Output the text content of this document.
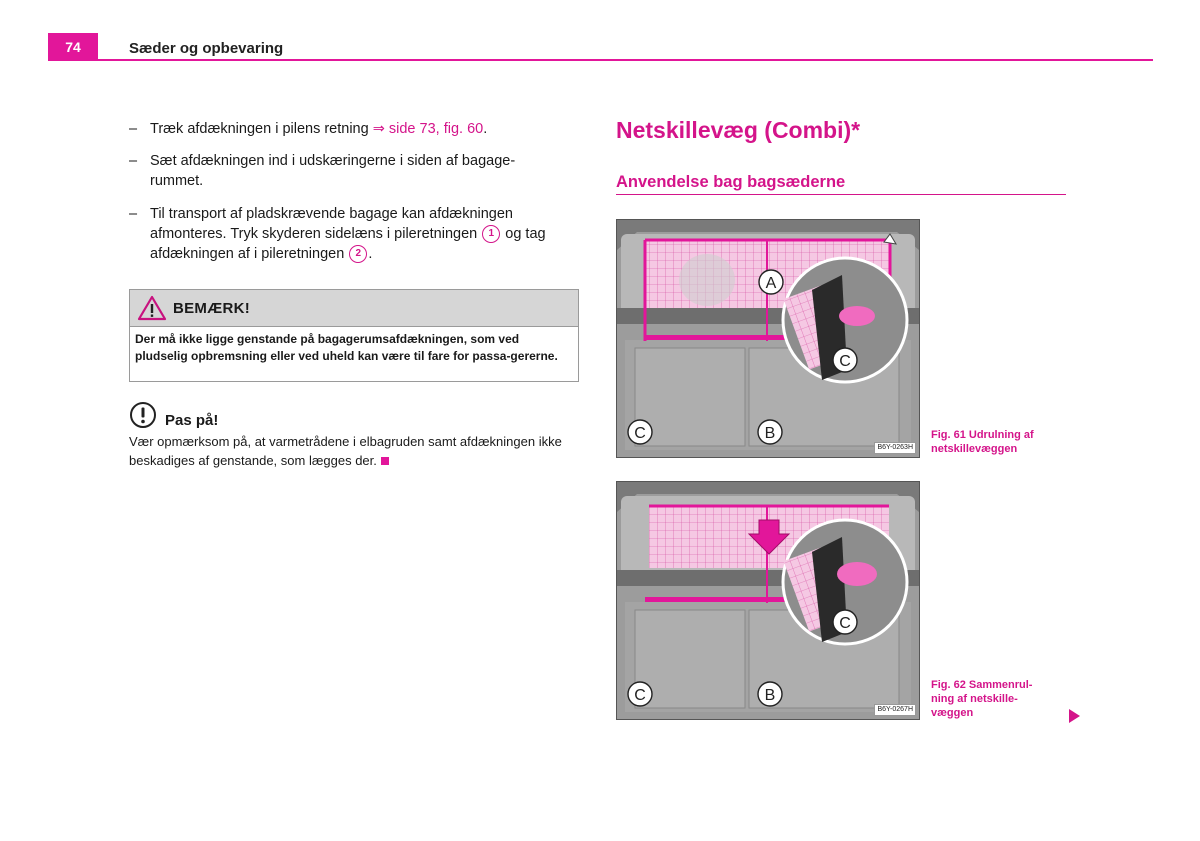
74	Sæder og opbevaring
– Træk afdækningen i pilens retning ⇒ side 73, fig. 60.
– Sæt afdækningen ind i udskæringerne i siden af bagage-
rummet.
– Til transport af pladskrævende bagage kan afdækningen
afmonteres. Tryk skyderen sidelæns i pileretningen 1 og tag
afdækningen af i pileretningen 2 .
BEMÆRK!
Der må ikke ligge genstande på bagagerumsafdækningen, som ved pludselig opbremsning eller ved uheld kan være til fare for passa-gererne.
Pas på!
Vær opmærksom på, at varmetrådene i elbagruden samt afdækningen ikke beskadiges af genstande, som lægges der.
Netskillevæg (Combi)*
Anvendelse bag bagsæderne
A
C
C	B
B6Y-0263H
Fig. 61 Udrulning af
netskillevæggen
C
C	B
B6Y-0267H
Fig. 62 Sammenrul-
ning af netskille-
væggen
